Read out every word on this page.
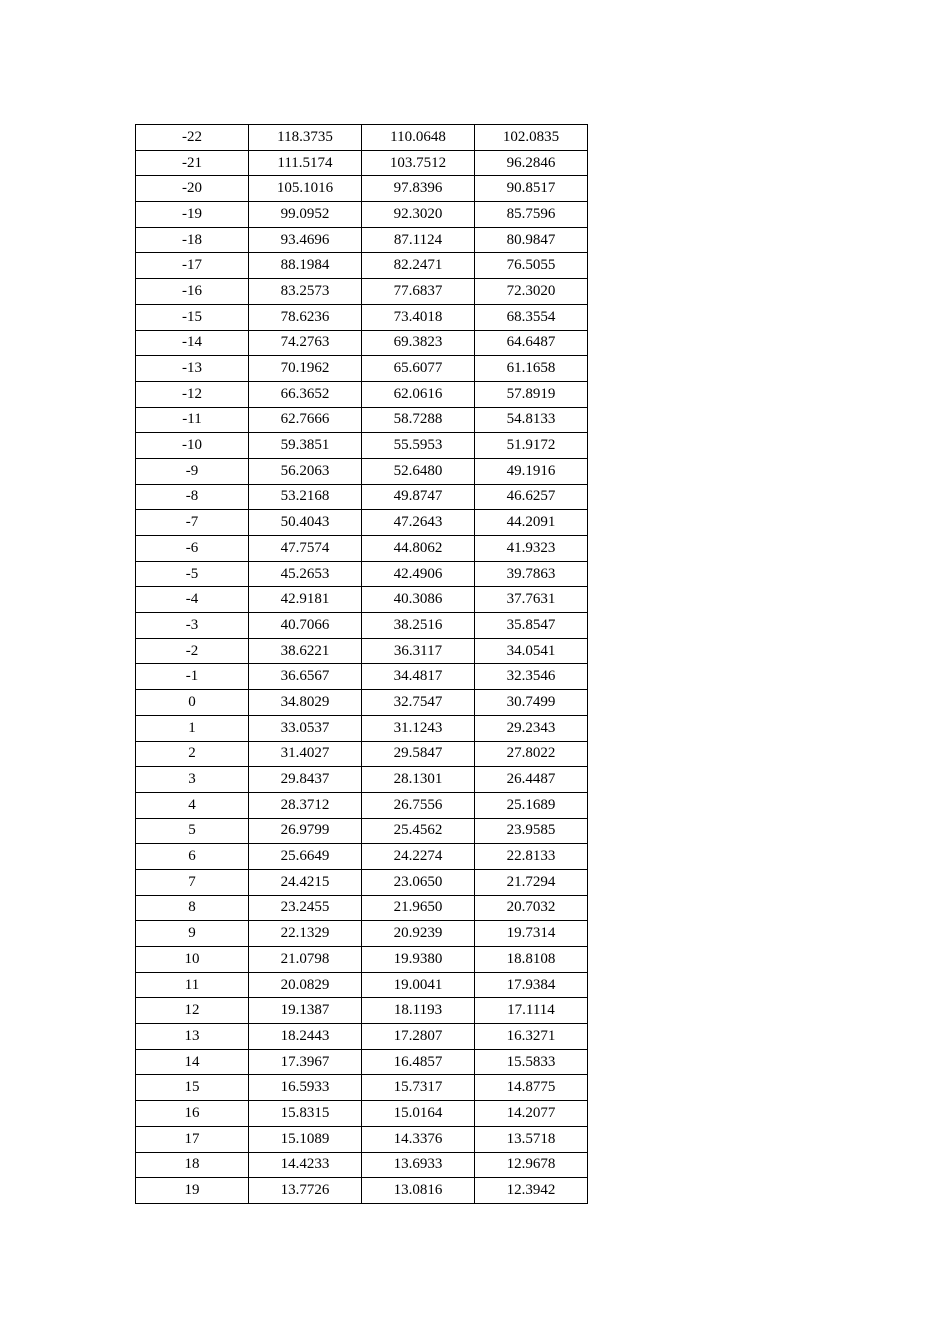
-22	118.3735	110.0648	102.0835
-21	111.5174	103.7512	96.2846
-20	105.1016	97.8396	90.8517
-19	99.0952	92.3020	85.7596
-18	93.4696	87.1124	80.9847
-17	88.1984	82.2471	76.5055
-16	83.2573	77.6837	72.3020
-15	78.6236	73.4018	68.3554
-14	74.2763	69.3823	64.6487
-13	70.1962	65.6077	61.1658
-12	66.3652	62.0616	57.8919
-11	62.7666	58.7288	54.8133
-10	59.3851	55.5953	51.9172
-9	56.2063	52.6480	49.1916
-8	53.2168	49.8747	46.6257
-7	50.4043	47.2643	44.2091
-6	47.7574	44.8062	41.9323
-5	45.2653	42.4906	39.7863
-4	42.9181	40.3086	37.7631
-3	40.7066	38.2516	35.8547
-2	38.6221	36.3117	34.0541
-1	36.6567	34.4817	32.3546
0	34.8029	32.7547	30.7499
1	33.0537	31.1243	29.2343
2	31.4027	29.5847	27.8022
3	29.8437	28.1301	26.4487
4	28.3712	26.7556	25.1689
5	26.9799	25.4562	23.9585
6	25.6649	24.2274	22.8133
7	24.4215	23.0650	21.7294
8	23.2455	21.9650	20.7032
9	22.1329	20.9239	19.7314
10	21.0798	19.9380	18.8108
11	20.0829	19.0041	17.9384
12	19.1387	18.1193	17.1114
13	18.2443	17.2807	16.3271
14	17.3967	16.4857	15.5833
15	16.5933	15.7317	14.8775
16	15.8315	15.0164	14.2077
17	15.1089	14.3376	13.5718
18	14.4233	13.6933	12.9678
19	13.7726	13.0816	12.3942
